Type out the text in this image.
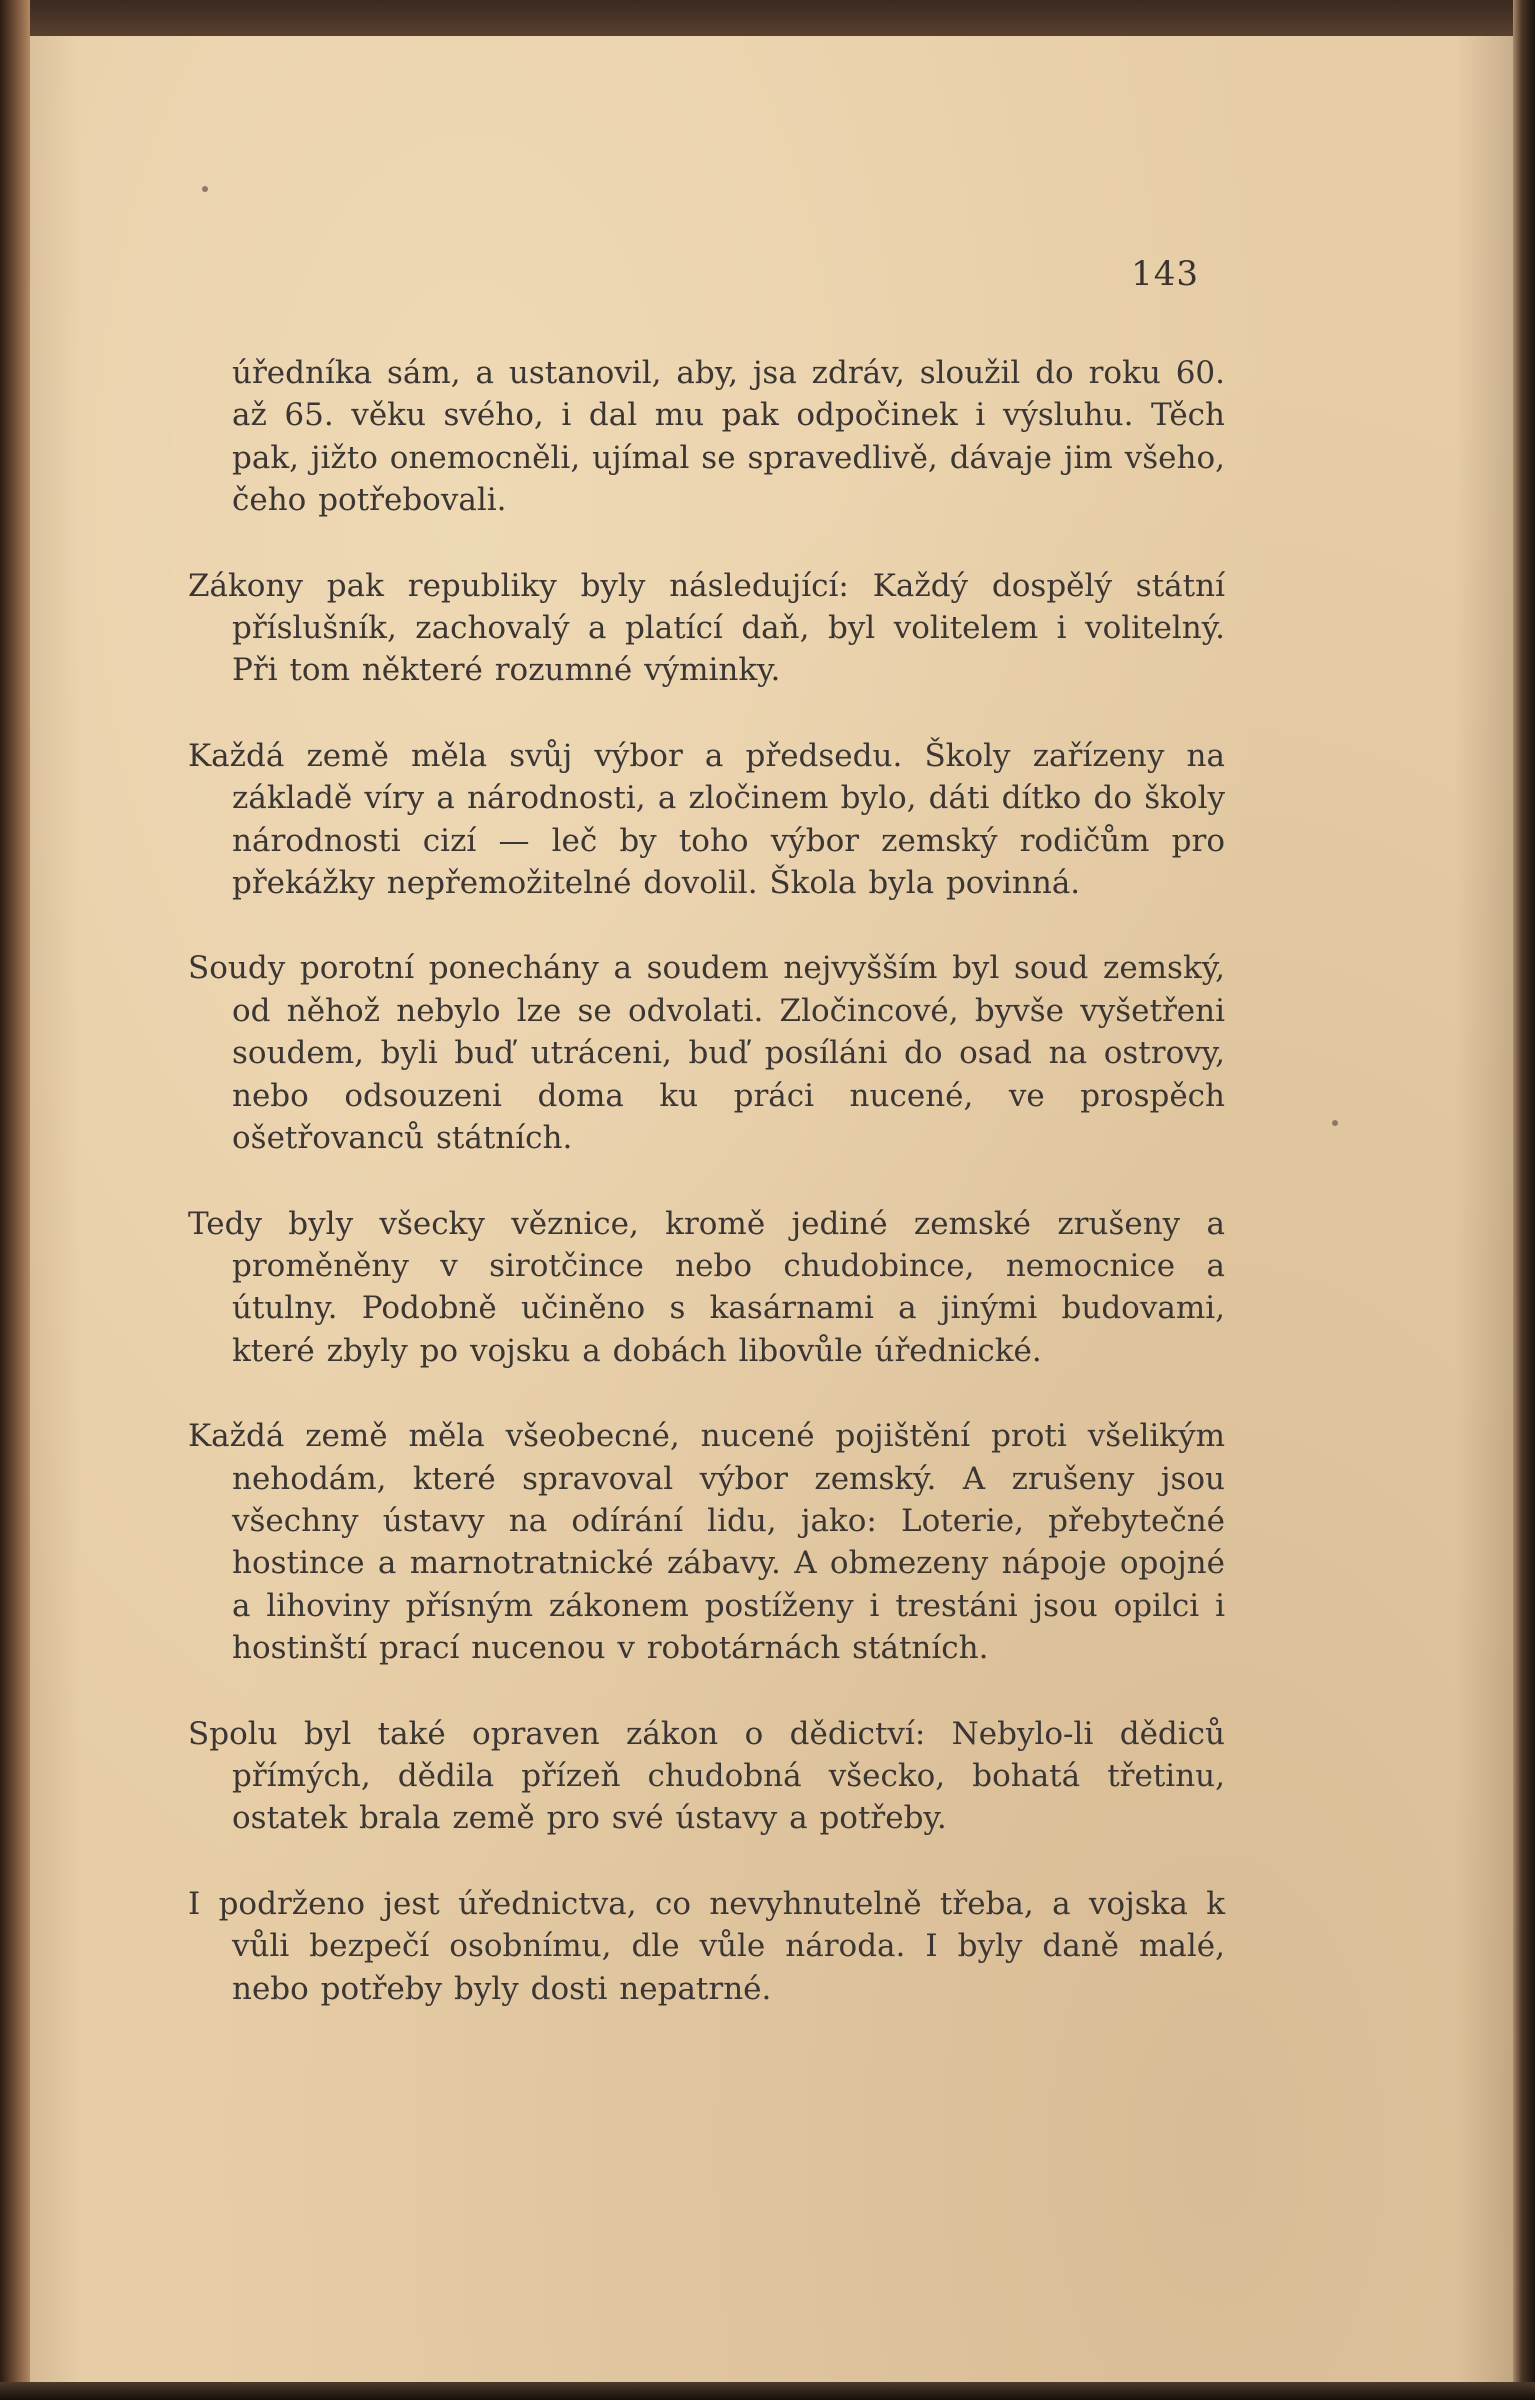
143

úředníka sám, a ustanovil, aby, jsa zdráv, sloužil do roku 60. až 65. věku svého, i dal mu pak odpočinek i výsluhu. Těch pak, jižto onemocněli, ujímal se spravedlivě, dávaje jim všeho, čeho potřebovali.

Zákony pak republiky byly následující: Každý dospělý státní příslušník, zachovalý a platící daň, byl volitelem i volitelný. Při tom některé rozumné výminky.

Každá země měla svůj výbor a předsedu. Školy zařízeny na základě víry a národnosti, a zločinem bylo, dáti dítko do školy národnosti cizí — leč by toho výbor zemský rodičům pro překážky nepřemožitelné dovolil. Škola byla povinná.

Soudy porotní ponechány a soudem nejvyšším byl soud zemský, od něhož nebylo lze se odvolati. Zločincové, byvše vyšetřeni soudem, byli buď utráceni, buď posíláni do osad na ostrovy, nebo odsouzeni doma ku práci nucené, ve prospěch ošetřovanců státních.

Tedy byly všecky věznice, kromě jediné zemské zrušeny a proměněny v sirotčince nebo chudobince, nemocnice a útulny. Podobně učiněno s kasárnami a jinými budovami, které zbyly po vojsku a dobách libovůle úřednické.

Každá země měla všeobecné, nucené pojištění proti všelikým nehodám, které spravoval výbor zemský. A zrušeny jsou všechny ústavy na odírání lidu, jako: Loterie, přebytečné hostince a marnotratnické zábavy. A obmezeny nápoje opojné a lihoviny přísným zákonem postíženy i trestáni jsou opilci i hostinští prací nucenou v robotárnách státních.

Spolu byl také opraven zákon o dědictví: Nebylo-li dědiců přímých, dědila přízeň chudobná všecko, bohatá třetinu, ostatek brala země pro své ústavy a potřeby.

I podrženo jest úřednictva, co nevyhnutelně třeba, a vojska k vůli bezpečí osobnímu, dle vůle národa. I byly daně malé, nebo potřeby byly dosti nepatrné.
